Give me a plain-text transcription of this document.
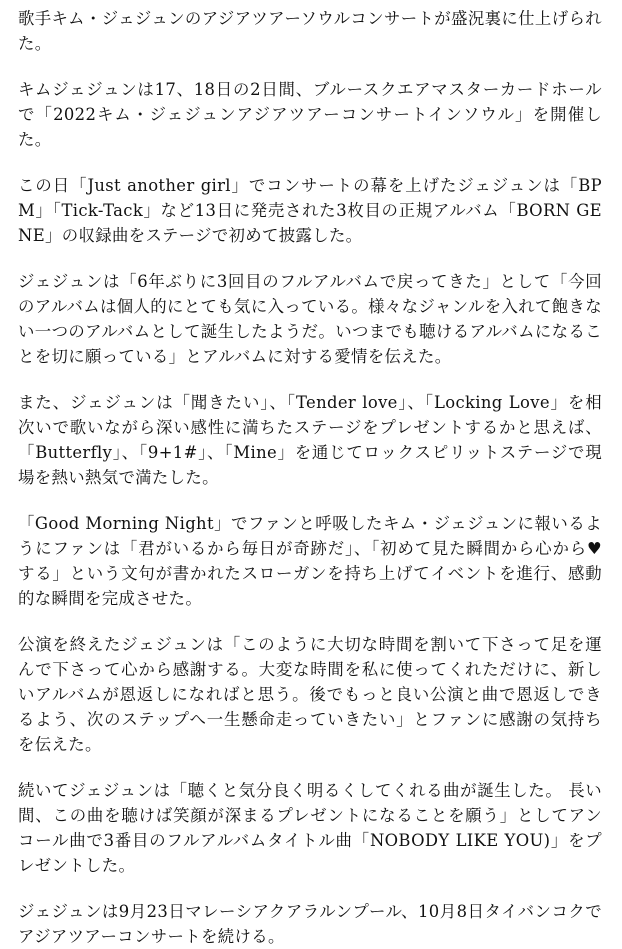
歌手キム・ジェジュンのアジアツアーソウルコンサートが盛況裏に仕上げられた。

キムジェジュンは17、18日の2日間、ブルースクエアマスターカードホールで「2022キム・ジェジュンアジアツアーコンサートインソウル」を開催した。

この日「Just another girl」でコンサートの幕を上げたジェジュンは「BPM」「Tick-Tack」など13日に発売された3枚目の正規アルバム「BORN GENE」の収録曲をステージで初めて披露した。

ジェジュンは「6年ぶりに3回目のフルアルバムで戻ってきた」として「今回のアルバムは個人的にとても気に入っている。様々なジャンルを入れて飽きない一つのアルバムとして誕生したようだ。いつまでも聴けるアルバムになることを切に願っている」とアルバムに対する愛情を伝えた。

また、ジェジュンは「聞きたい」、「Tender love」、「Locking Love」を相次いで歌いながら深い感性に満ちたステージをプレゼントするかと思えば、「Butterfly」、「9+1#」、「Mine」を通じてロックスピリットステージで現場を熱い熱気で満たした。

「Good Morning Night」でファンと呼吸したキム・ジェジュンに報いるようにファンは「君がいるから毎日が奇跡だ」、「初めて見た瞬間から心から♥する」という文句が書かれたスローガンを持ち上げてイベントを進行、感動的な瞬間を完成させた。

公演を終えたジェジュンは「このように大切な時間を割いて下さって足を運んで下さって心から感謝する。大変な時間を私に使ってくれただけに、新しいアルバムが恩返しになればと思う。後でもっと良い公演と曲で恩返しできるよう、次のステップへ一生懸命走っていきたい」とファンに感謝の気持ちを伝えた。

続いてジェジュンは「聴くと気分良く明るくしてくれる曲が誕生した。 長い間、この曲を聴けば笑顔が深まるプレゼントになることを願う」としてアンコール曲で3番目のフルアルバムタイトル曲「NOBODY LIKE YOU)」をプレゼントした。

ジェジュンは9月23日マレーシアクアラルンプール、10月8日タイバンコクでアジアツアーコンサートを続ける。
